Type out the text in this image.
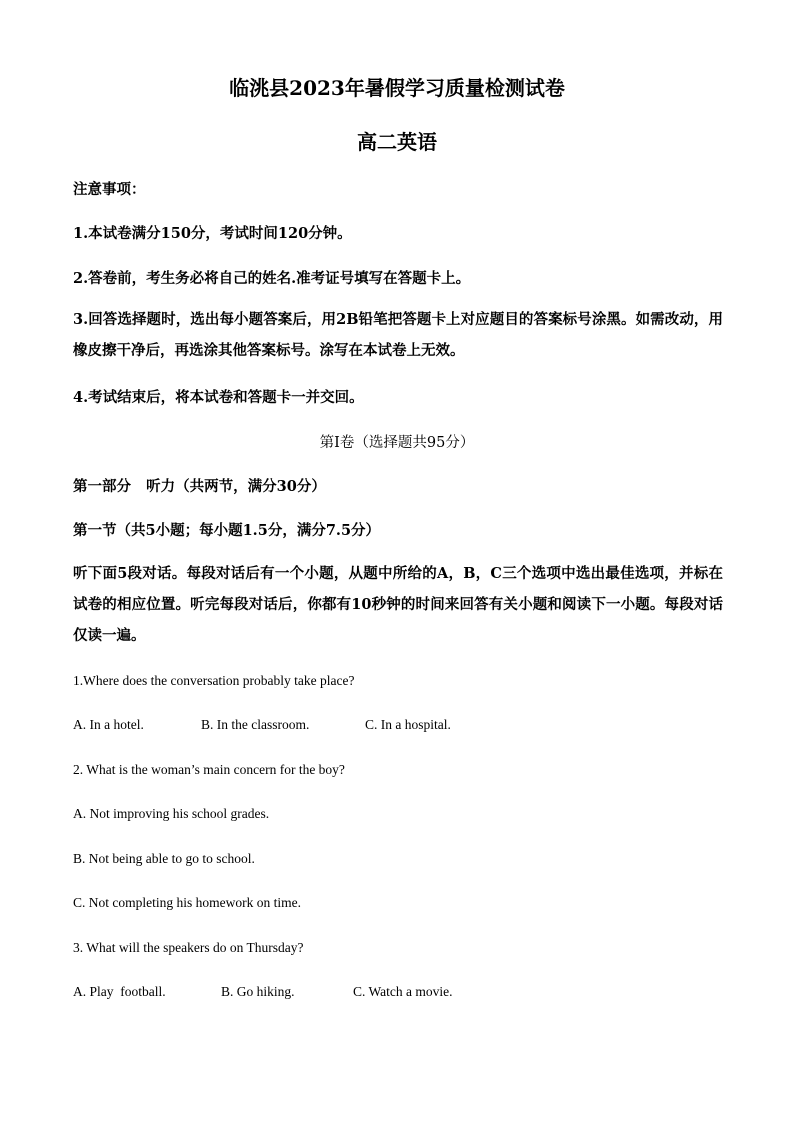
临洮县2023年暑假学习质量检测试卷
高二英语
注意事项：
1.本试卷满分150分，考试时间120分钟。
2.答卷前，考生务必将自己的姓名.准考证号填写在答题卡上。
3.回答选择题时，选出每小题答案后，用2B铅笔把答题卡上对应题目的答案标号涂黑。如需改动，用橡皮擦干净后，再选涂其他答案标号。涂写在本试卷上无效。
4.考试结束后，将本试卷和答题卡一并交回。
第Ⅰ卷（选择题共95分）
第一部分   听力（共两节，满分30分）
第一节（共5小题；每小题1.5分，满分7.5分）
听下面5段对话。每段对话后有一个小题，从题中所给的A，B，C三个选项中选出最佳选项，并标在试卷的相应位置。听完每段对话后，你都有10秒钟的时间来回答有关小题和阅读下一小题。每段对话仅读一遍。
1.Where does the conversation probably take place?
A. In a hotel.	B. In the classroom.	C. In a hospital.
2. What is the woman’s main concern for the boy?
A. Not improving his school grades.
B. Not being able to go to school.
C. Not completing his homework on time.
3. What will the speakers do on Thursday?
A. Play  football.	B. Go hiking.	C. Watch a movie.
